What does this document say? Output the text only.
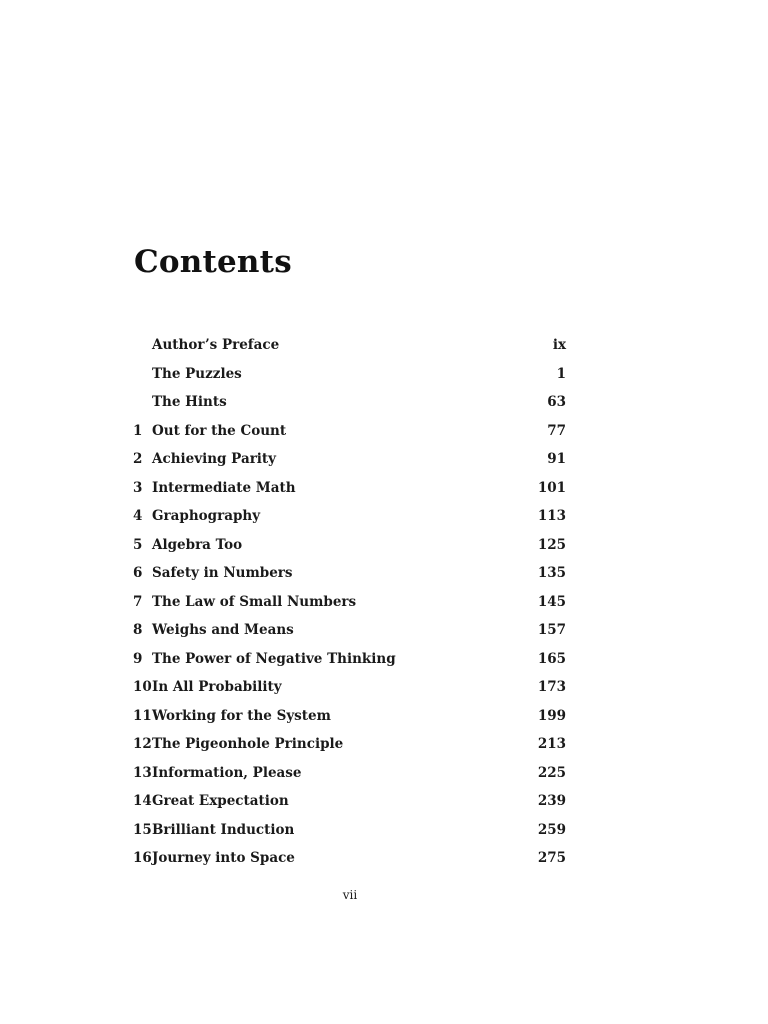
Contents
Author’s Preface	ix
The Puzzles	1
The Hints	63
1 Out for the Count	77
2 Achieving Parity	91
3 Intermediate Math	101
4 Graphography	113
5 Algebra Too	125
6 Safety in Numbers	135
7 The Law of Small Numbers	145
8 Weighs and Means	157
9 The Power of Negative Thinking	165
10 In All Probability	173
11 Working for the System	199
12 The Pigeonhole Principle	213
13 Information, Please	225
14 Great Expectation	239
15 Brilliant Induction	259
16 Journey into Space	275
vii
